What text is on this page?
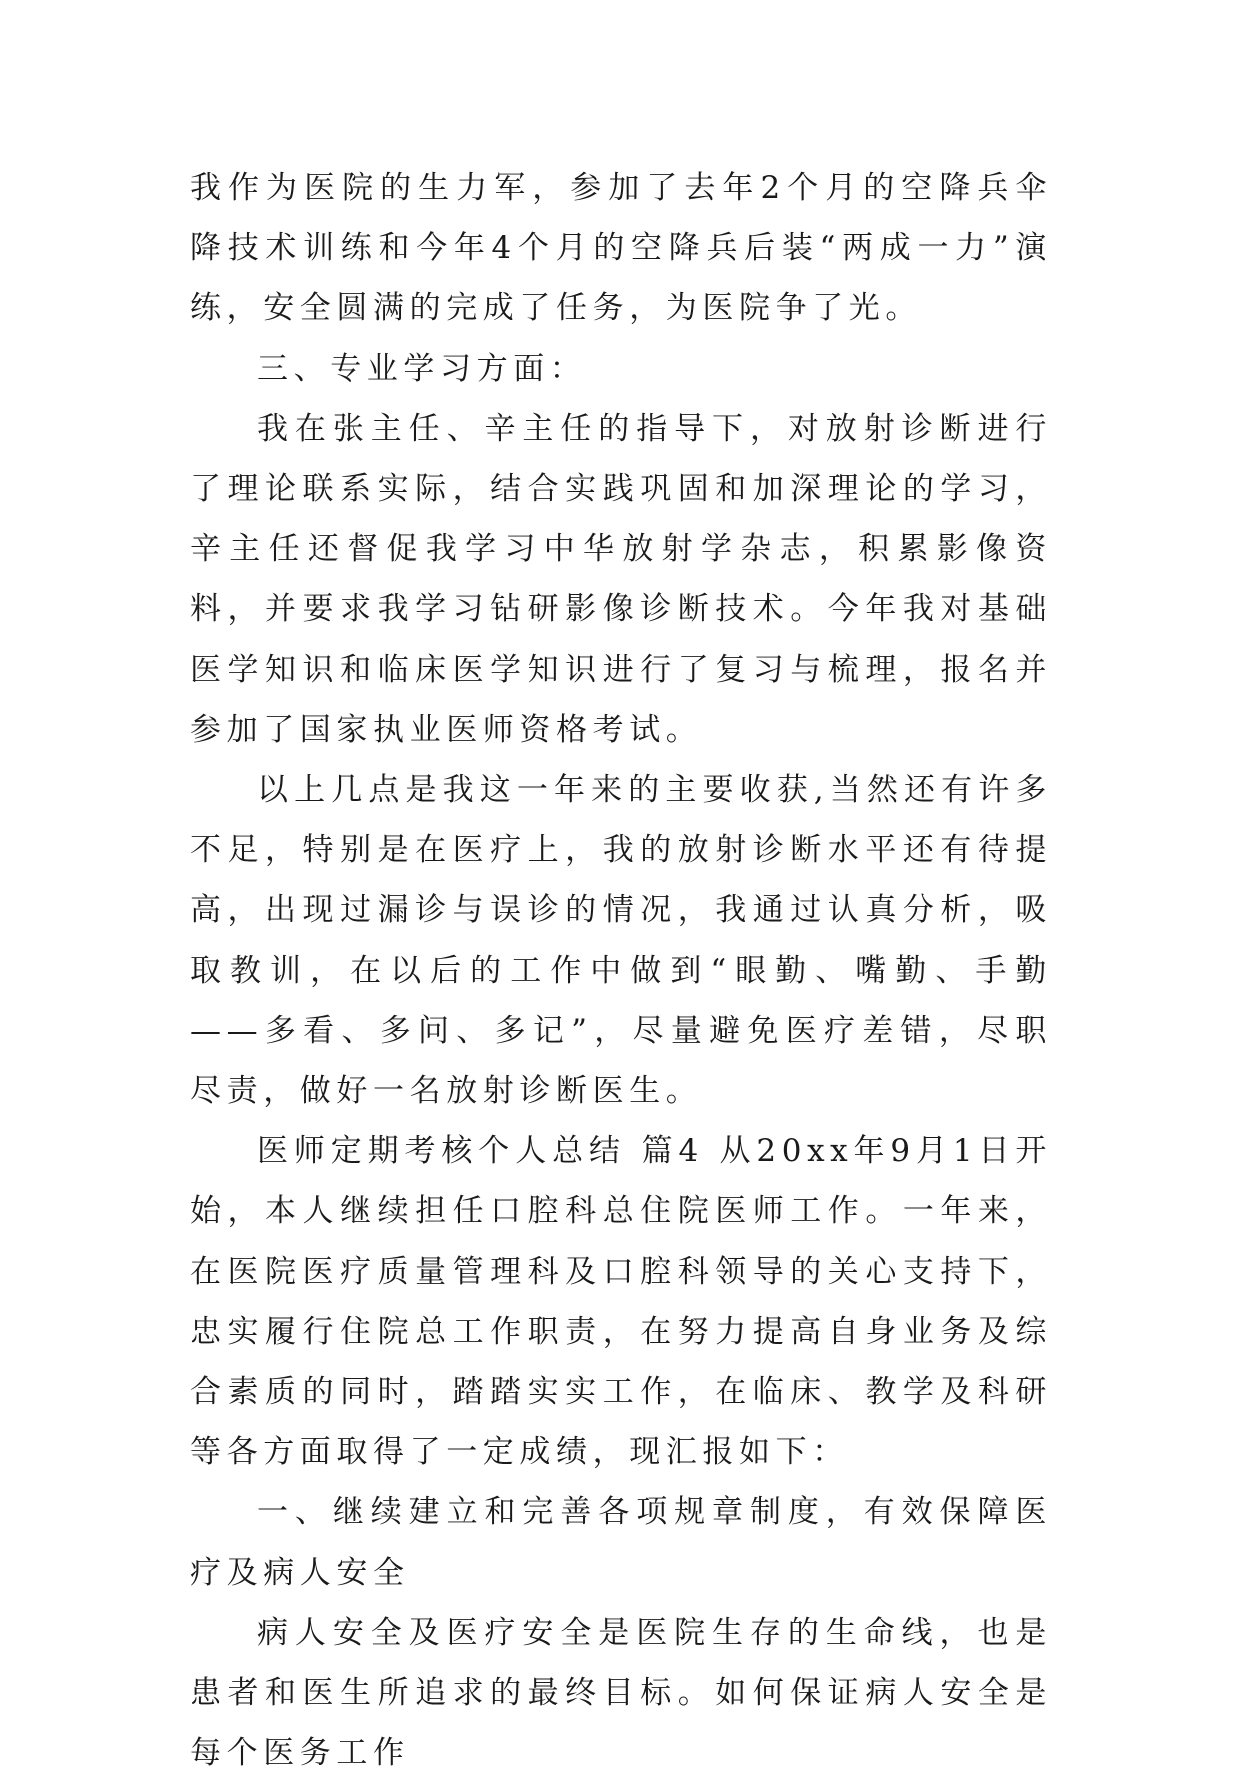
我作为医院的生力军，参加了去年2个月的空降兵伞降技术训练和今年4个月的空降兵后装“两成一力”演练，安全圆满的完成了任务，为医院争了光。

三、专业学习方面：

我在张主任、辛主任的指导下，对放射诊断进行了理论联系实际，结合实践巩固和加深理论的学习，辛主任还督促我学习中华放射学杂志，积累影像资料，并要求我学习钻研影像诊断技术。今年我对基础医学知识和临床医学知识进行了复习与梳理，报名并参加了国家执业医师资格考试。

以上几点是我这一年来的主要收获,当然还有许多不足，特别是在医疗上，我的放射诊断水平还有待提高，出现过漏诊与误诊的情况，我通过认真分析，吸取教训，在以后的工作中做到“眼勤、嘴勤、手勤——多看、多问、多记”，尽量避免医疗差错，尽职尽责，做好一名放射诊断医生。

医师定期考核个人总结 篇4 从20xx年9月1日开始，本人继续担任口腔科总住院医师工作。一年来，在医院医疗质量管理科及口腔科领导的关心支持下，忠实履行住院总工作职责，在努力提高自身业务及综合素质的同时，踏踏实实工作，在临床、教学及科研等各方面取得了一定成绩，现汇报如下：

一、继续建立和完善各项规章制度，有效保障医疗及病人安全

病人安全及医疗安全是医院生存的生命线，也是患者和医生所追求的最终目标。如何保证病人安全是每个医务工作
